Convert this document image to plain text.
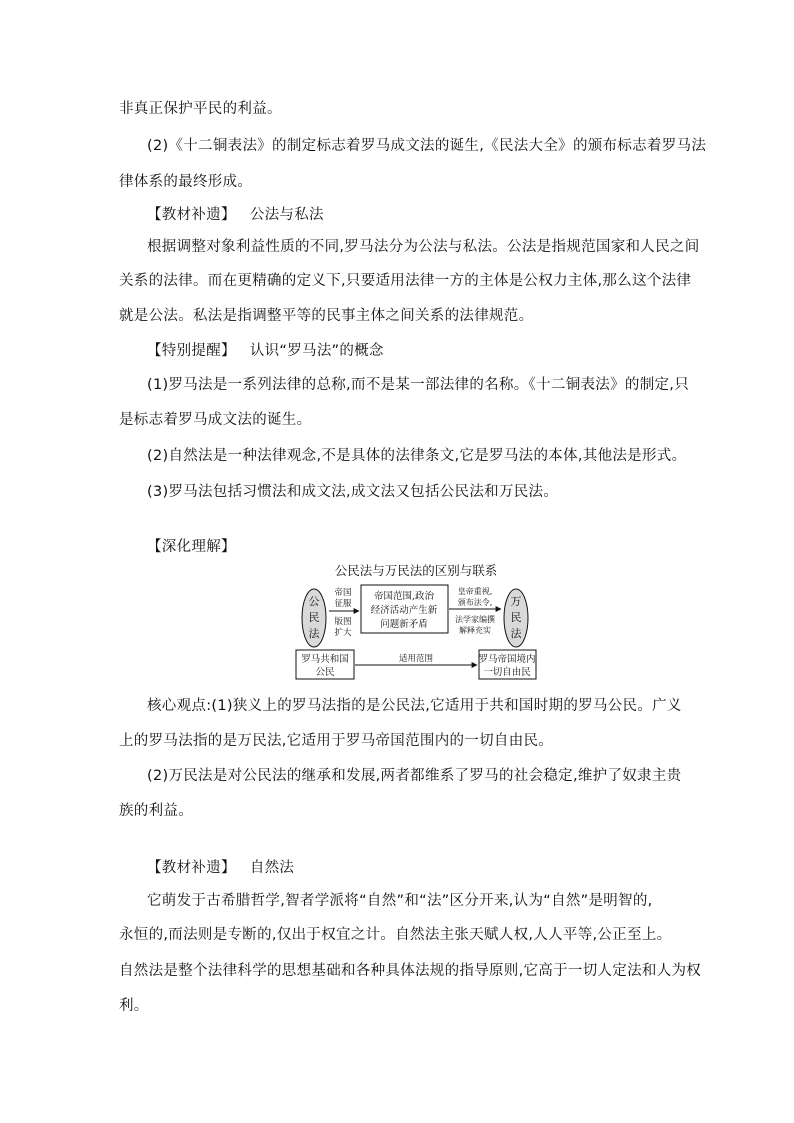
非真正保护平民的利益。
(2)《十二铜表法》的制定标志着罗马成文法的诞生,《民法大全》的颁布标志着罗马法
律体系的最终形成。
【教材补遗】 公法与私法
根据调整对象利益性质的不同,罗马法分为公法与私法。公法是指规范国家和人民之间
关系的法律。而在更精确的定义下,只要适用法律一方的主体是公权力主体,那么这个法律
就是公法。私法是指调整平等的民事主体之间关系的法律规范。
【特别提醒】 认识“罗马法”的概念
(1)罗马法是一系列法律的总称,而不是某一部法律的名称。《十二铜表法》的制定,只
是标志着罗马成文法的诞生。
(2)自然法是一种法律观念,不是具体的法律条文,它是罗马法的本体,其他法是形式。
(3)罗马法包括习惯法和成文法,成文法又包括公民法和万民法。
【深化理解】
公民法与万民法的区别与联系
公
民
法
万
民
法
帝国
征服
版图
扩大
帝国范围,政治
经济活动产生新
问题新矛盾
皇帝重视,
颁布法令,
法学家编撰
解释充实
罗马共和国
公民
适用范围	罗马帝国境内
一切自由民
核心观点:(1)狭义上的罗马法指的是公民法,它适用于共和国时期的罗马公民。广义
上的罗马法指的是万民法,它适用于罗马帝国范围内的一切自由民。
(2)万民法是对公民法的继承和发展,两者都维系了罗马的社会稳定,维护了奴隶主贵
族的利益。
【教材补遗】 自然法
它萌发于古希腊哲学,智者学派将“自然”和“法”区分开来,认为“自然”是明智的,
永恒的,而法则是专断的,仅出于权宜之计。自然法主张天赋人权,人人平等,公正至上。
自然法是整个法律科学的思想基础和各种具体法规的指导原则,它高于一切人定法和人为权
利。
